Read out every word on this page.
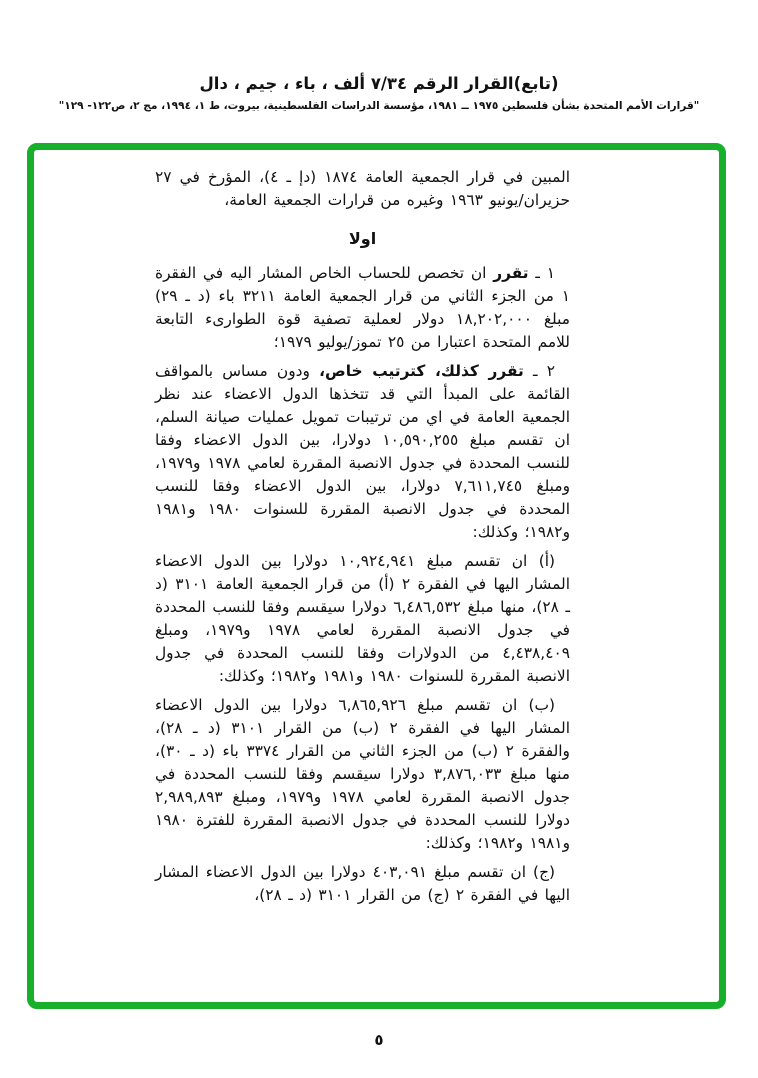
(تابع)القرار الرقم ٧/٣٤ ألف ، باء ، جيم ، دال
"قرارات الأمم المتحدة بشأن فلسطين ١٩٧٥ ــ ١٩٨١، مؤسسة الدراسات الفلسطينية، بيروت، ط ١، ١٩٩٤، مج ٢، ص١٢٢- ١٢٩"

المبين في قرار الجمعية العامة ١٨٧٤ (دإ ـ ٤)، المؤرخ في ٢٧ حزيران/يونيو ١٩٦٣ وغيره من قرارات الجمعية العامة،

اولا

١ ـ تقرر ان تخصص للحساب الخاص المشار اليه في الفقرة ١ من الجزء الثاني من قرار الجمعية العامة ٣٢١١ باء (د ـ ٢٩) مبلغ ١٨,٢٠٢,٠٠٠ دولار لعملية تصفية قوة الطوارىء التابعة للامم المتحدة اعتبارا من ٢٥ تموز/يوليو ١٩٧٩؛

٢ ـ تقرر كذلك، كترتيب خاص، ودون مساس بالمواقف القائمة على المبدأ التي قد تتخذها الدول الاعضاء عند نظر الجمعية العامة في اي من ترتيبات تمويل عمليات صيانة السلم، ان تقسم مبلغ ١٠,٥٩٠,٢٥٥ دولارا، بين الدول الاعضاء وفقا للنسب المحددة في جدول الانصبة المقررة لعامي ١٩٧٨ و١٩٧٩، ومبلغ ٧,٦١١,٧٤٥ دولارا، بين الدول الاعضاء وفقا للنسب المحددة في جدول الانصبة المقررة للسنوات ١٩٨٠ و١٩٨١ و١٩٨٢؛ وكذلك:

(أ) ان تقسم مبلغ ١٠,٩٢٤,٩٤١ دولارا بين الدول الاعضاء المشار اليها في الفقرة ٢ (أ) من قرار الجمعية العامة ٣١٠١ (د ـ ٢٨)، منها مبلغ ٦,٤٨٦,٥٣٢ دولارا سيقسم وفقا للنسب المحددة في جدول الانصبة المقررة لعامي ١٩٧٨ و١٩٧٩، ومبلغ ٤,٤٣٨,٤٠٩ من الدولارات وفقا للنسب المحددة في جدول الانصبة المقررة للسنوات ١٩٨٠ و١٩٨١ و١٩٨٢؛ وكذلك:

(ب) ان تقسم مبلغ ٦,٨٦٥,٩٢٦ دولارا بين الدول الاعضاء المشار اليها في الفقرة ٢ (ب) من القرار ٣١٠١ (د ـ ٢٨)، والفقرة ٢ (ب) من الجزء الثاني من القرار ٣٣٧٤ باء (د ـ ٣٠)، منها مبلغ ٣,٨٧٦,٠٣٣ دولارا سيقسم وفقا للنسب المحددة في جدول الانصبة المقررة لعامي ١٩٧٨ و١٩٧٩، ومبلغ ٢,٩٨٩,٨٩٣ دولارا للنسب المحددة في جدول الانصبة المقررة للفترة ١٩٨٠ و١٩٨١ و١٩٨٢؛ وكذلك:

(ج) ان تقسم مبلغ ٤٠٣,٠٩١ دولارا بين الدول الاعضاء المشار اليها في الفقرة ٢ (ج) من القرار ٣١٠١ (د ـ ٢٨)،

٥
